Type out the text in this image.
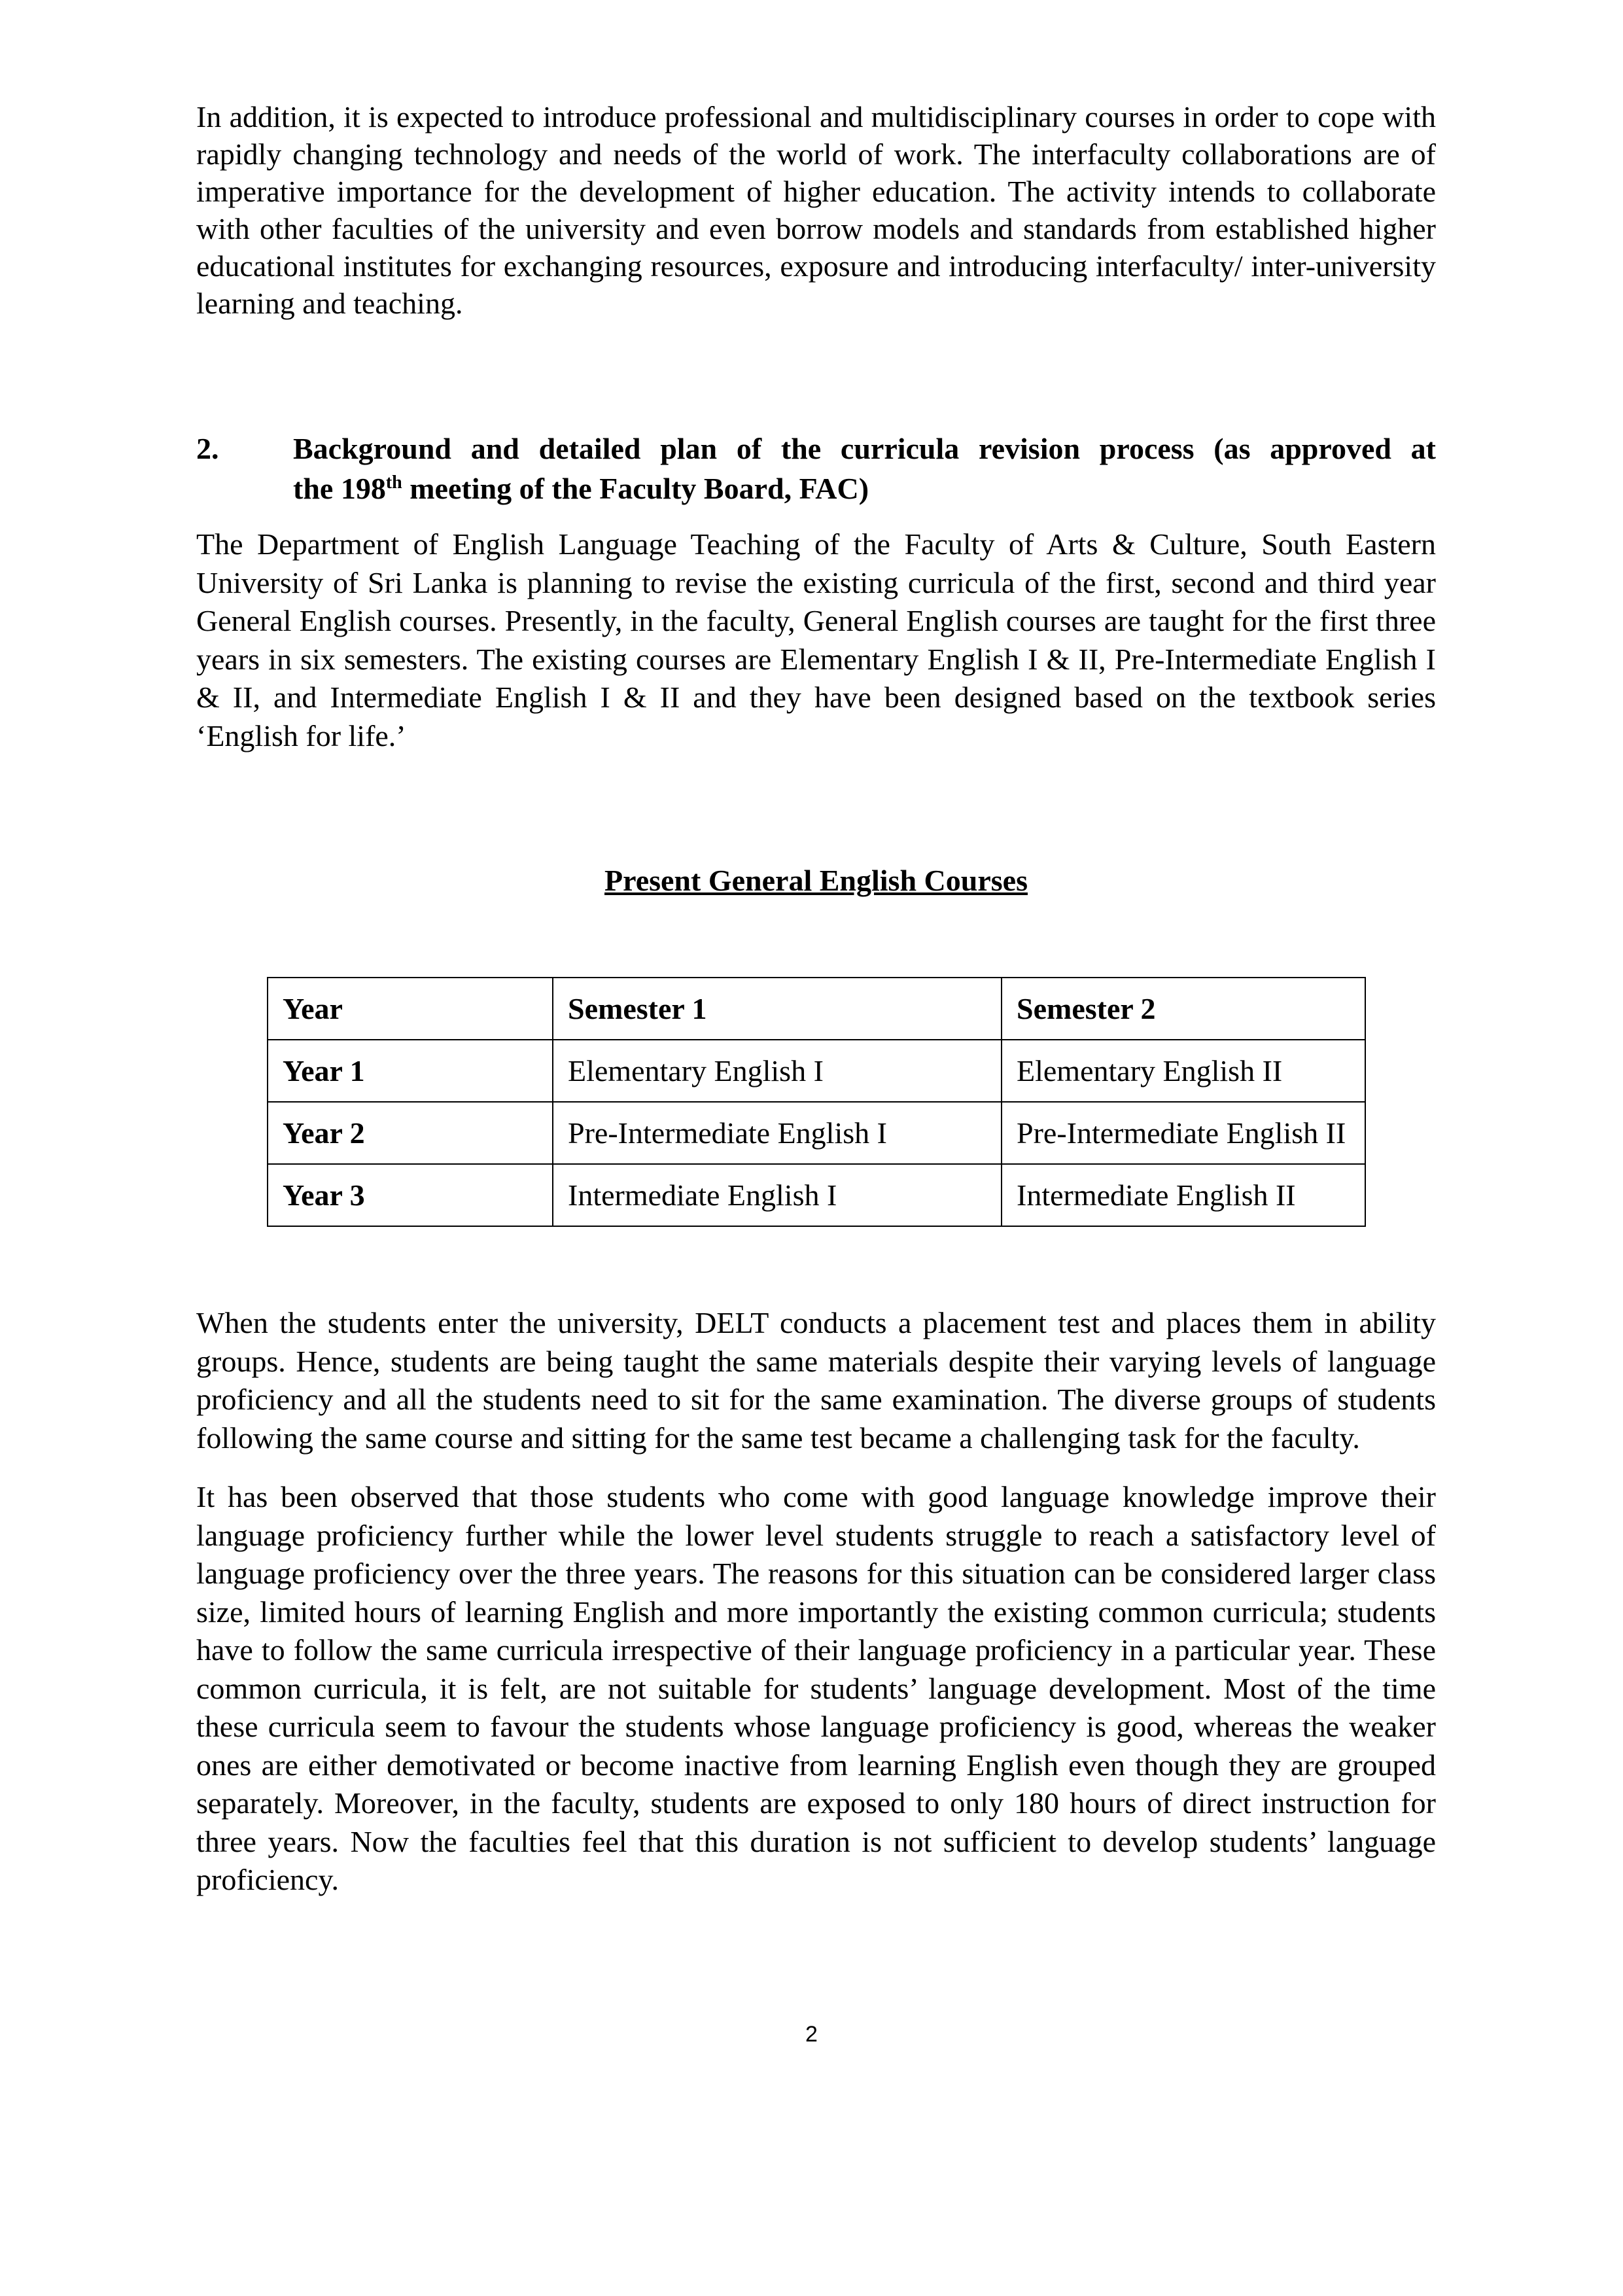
In addition, it is expected to introduce professional and multidisciplinary courses in order to cope with rapidly changing technology and needs of the world of work. The interfaculty collaborations are of imperative importance for the development of higher education. The activity intends to collaborate with other faculties of the university and even borrow models and standards from established higher educational institutes for exchanging resources, exposure and introducing interfaculty/ inter-university learning and teaching.

2. Background and detailed plan of the curricula revision process (as approved at
the 198th meeting of the Faculty Board, FAC)

The Department of English Language Teaching of the Faculty of Arts & Culture, South Eastern University of Sri Lanka is planning to revise the existing curricula of the first, second and third year General English courses. Presently, in the faculty, General English courses are taught for the first three years in six semesters. The existing courses are Elementary English I & II, Pre-Intermediate English I & II, and Intermediate English I & II and they have been designed based on the textbook series ‘English for life.’

Present General English Courses
Year	Semester 1	Semester 2
Year 1	Elementary English I	Elementary English II
Year 2	Pre-Intermediate English I	Pre-Intermediate English II
Year 3	Intermediate English I	Intermediate English II

When the students enter the university, DELT conducts a placement test and places them in ability groups. Hence, students are being taught the same materials despite their varying levels of language proficiency and all the students need to sit for the same examination. The diverse groups of students following the same course and sitting for the same test became a challenging task for the faculty.

It has been observed that those students who come with good language knowledge improve their language proficiency further while the lower level students struggle to reach a satisfactory level of language proficiency over the three years. The reasons for this situation can be considered larger class size, limited hours of learning English and more importantly the existing common curricula; students have to follow the same curricula irrespective of their language proficiency in a particular year. These common curricula, it is felt, are not suitable for students’ language development. Most of the time these curricula seem to favour the students whose language proficiency is good, whereas the weaker ones are either demotivated or become inactive from learning English even though they are grouped separately. Moreover, in the faculty, students are exposed to only 180 hours of direct instruction for three years. Now the faculties feel that this duration is not sufficient to develop students’ language proficiency.

2
